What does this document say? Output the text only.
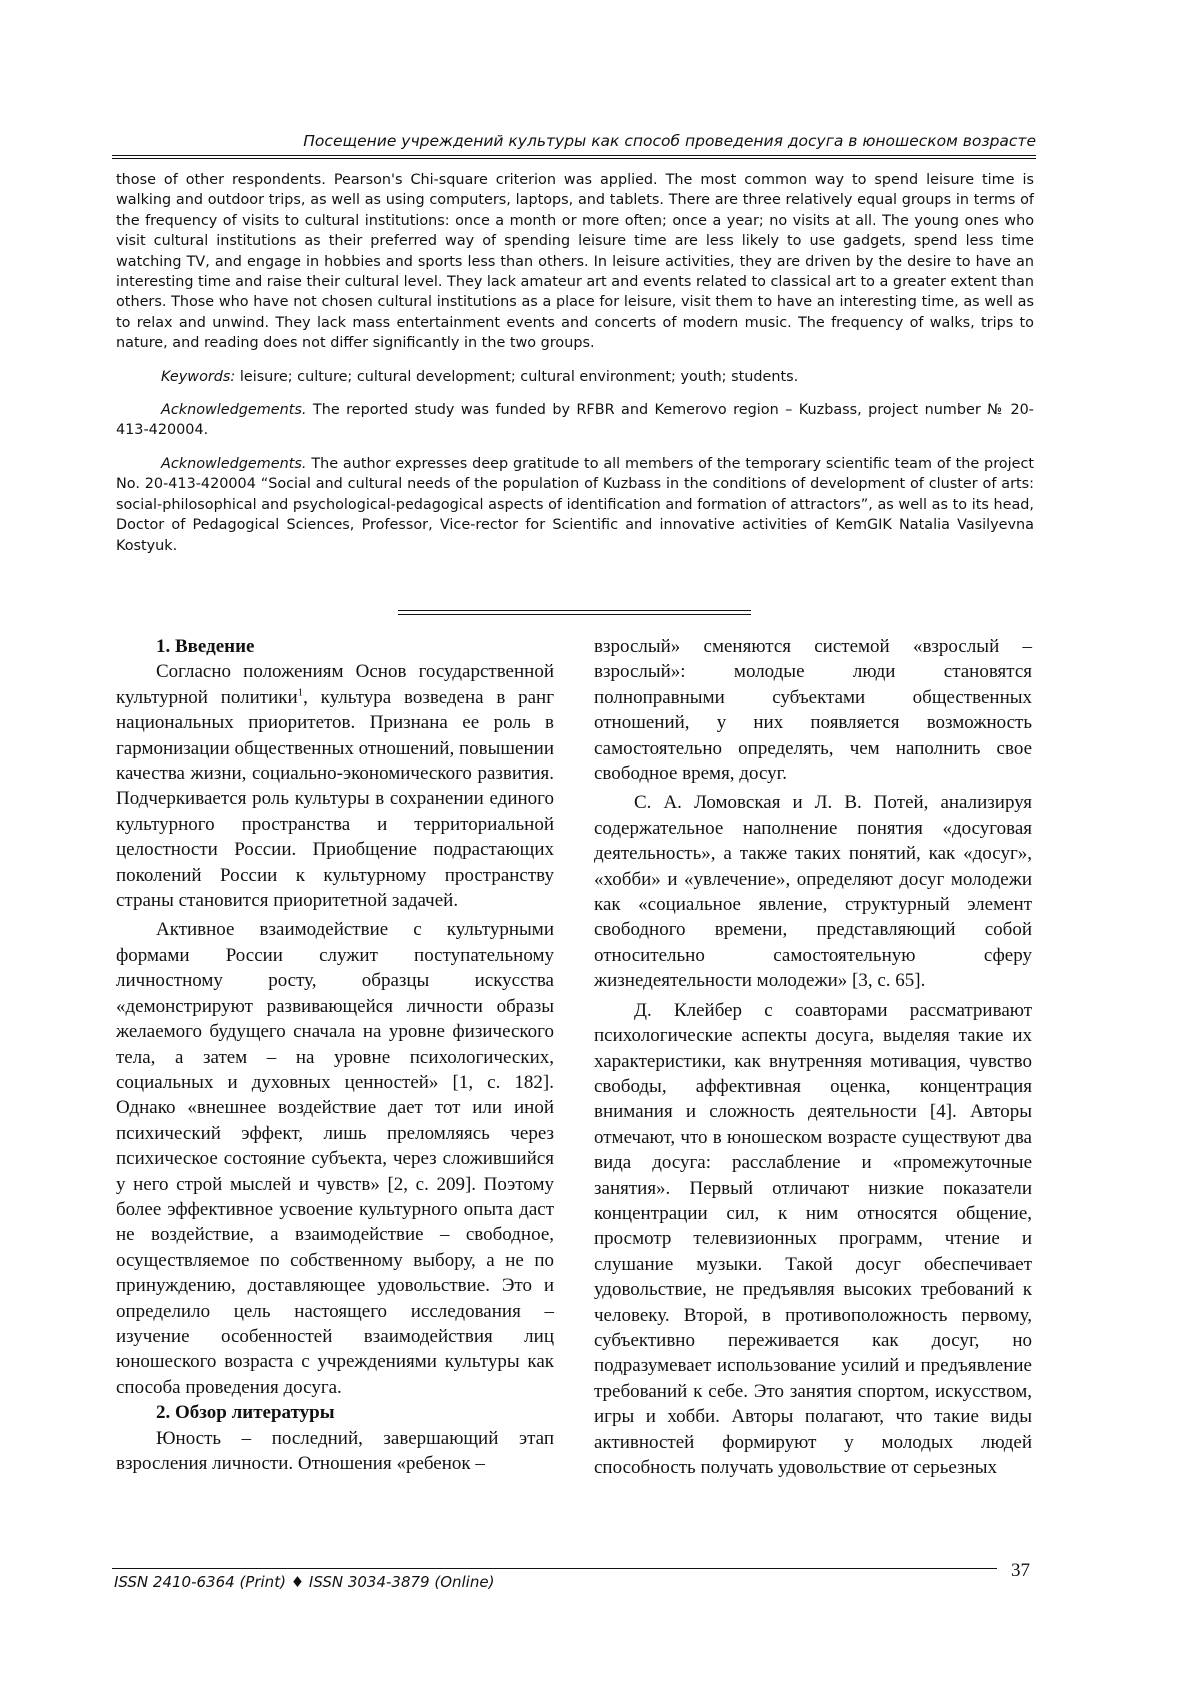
Посещение учреждений культуры как способ проведения досуга в юношеском возрасте

those of other respondents. Pearson's Chi-square criterion was applied. The most common way to spend leisure time is walking and outdoor trips, as well as using computers, laptops, and tablets. There are three relatively equal groups in terms of the frequency of visits to cultural institutions: once a month or more often; once a year; no visits at all. The young ones who visit cultural institutions as their preferred way of spending leisure time are less likely to use gadgets, spend less time watching TV, and engage in hobbies and sports less than others. In leisure activities, they are driven by the desire to have an interesting time and raise their cultural level. They lack amateur art and events related to classical art to a greater extent than others. Those who have not chosen cultural institutions as a place for leisure, visit them to have an interesting time, as well as to relax and unwind. They lack mass entertainment events and concerts of modern music. The frequency of walks, trips to nature, and reading does not differ significantly in the two groups.

Keywords: leisure; culture; cultural development; cultural environment; youth; students.

Acknowledgements. The reported study was funded by RFBR and Kemerovo region – Kuzbass, project number № 20-413-420004.

Acknowledgements. The author expresses deep gratitude to all members of the temporary scientific team of the project No. 20-413-420004 “Social and cultural needs of the population of Kuzbass in the conditions of development of cluster of arts: social-philosophical and psychological-pedagogical aspects of identification and formation of attractors”, as well as to its head, Doctor of Pedagogical Sciences, Professor, Vice-rector for Scientific and innovative activities of KemGIK Natalia Vasilyevna Kostyuk.

1. Введение

Согласно положениям Основ государственной культурной политики$^1$, культура возведена в ранг национальных приоритетов. Признана ее роль в гармонизации общественных отношений, повышении качества жизни, социально-экономического развития. Подчеркивается роль культуры в сохранении единого культурного пространства и территориальной целостности России. Приобщение подрастающих поколений России к культурному пространству страны становится приоритетной задачей.

Активное взаимодействие с культурными формами России служит поступательному личностному росту, образцы искусства «демонстрируют развивающейся личности образы желаемого будущего сначала на уровне физического тела, а затем – на уровне психологических, социальных и духовных ценностей» [1, с. 182]. Однако «внешнее воздействие дает тот или иной психический эффект, лишь преломляясь через психическое состояние субъекта, через сложившийся у него строй мыслей и чувств» [2, с. 209]. Поэтому более эффективное усвоение культурного опыта даст не воздействие, а взаимодействие – свободное, осуществляемое по собственному выбору, а не по принуждению, доставляющее удовольствие. Это и определило цель настоящего исследования – изучение особенностей взаимодействия лиц юношеского возраста с учреждениями культуры как способа проведения досуга.

2. Обзор литературы

Юность – последний, завершающий этап взросления личности. Отношения «ребенок –

взрослый» сменяются системой «взрослый – взрослый»: молодые люди становятся полноправными субъектами общественных отношений, у них появляется возможность самостоятельно определять, чем наполнить свое свободное время, досуг.

С. А. Ломовская и Л. В. Потей, анализируя содержательное наполнение понятия «досуговая деятельность», а также таких понятий, как «досуг», «хобби» и «увлечение», определяют досуг молодежи как «социальное явление, структурный элемент свободного времени, представляющий собой относительно самостоятельную сферу жизнедеятельности молодежи» [3, с. 65].

Д. Клейбер с соавторами рассматривают психологические аспекты досуга, выделяя такие их характеристики, как внутренняя мотивация, чувство свободы, аффективная оценка, концентрация внимания и сложность деятельности [4]. Авторы отмечают, что в юношеском возрасте существуют два вида досуга: расслабление и «промежуточные занятия». Первый отличают низкие показатели концентрации сил, к ним относятся общение, просмотр телевизионных программ, чтение и слушание музыки. Такой досуг обеспечивает удовольствие, не предъявляя высоких требований к человеку. Второй, в противоположность первому, субъективно переживается как досуг, но подразумевает использование усилий и предъявление требований к себе. Это занятия спортом, искусством, игры и хобби. Авторы полагают, что такие виды активностей формируют у молодых людей способность получать удовольствие от серьезных

ISSN 2410-6364 (Print) ♦ ISSN 3034-3879 (Online)
37
